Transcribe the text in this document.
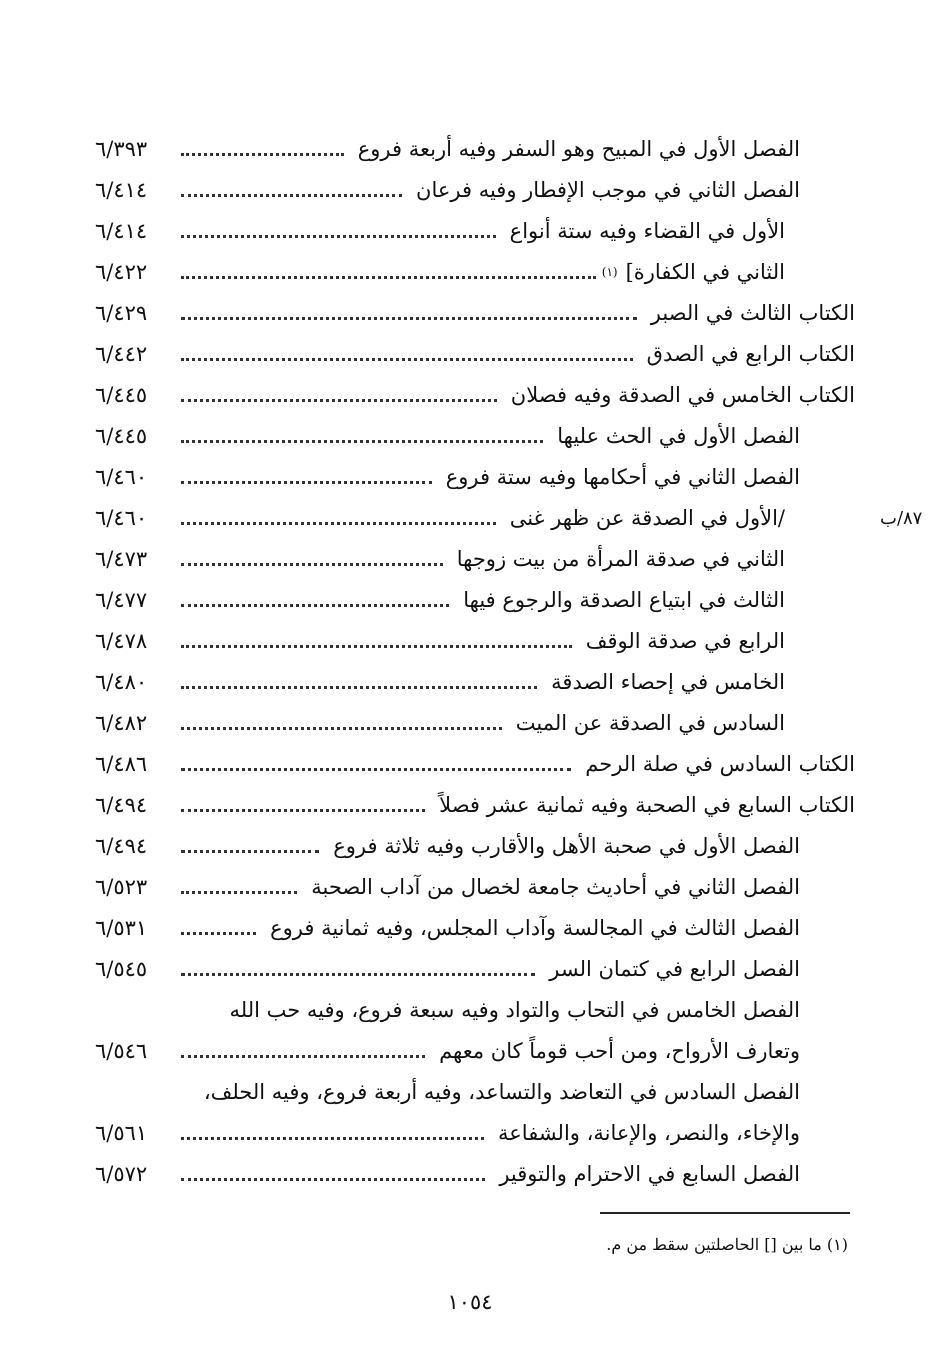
الفصل الأول في المبيح وهو السفر وفيه أربعة فروع
٦/٣٩٣
الفصل الثاني في موجب الإفطار وفيه فرعان
٦/٤١٤
الأول في القضاء وفيه ستة أنواع
٦/٤١٤
الثاني في الكفارة]
(١)
٦/٤٢٢
الكتاب الثالث في الصبر
٦/٤٢٩
الكتاب الرابع في الصدق
٦/٤٤٢
الكتاب الخامس في الصدقة وفيه فصلان
٦/٤٤٥
الفصل الأول في الحث عليها
٦/٤٤٥
الفصل الثاني في أحكامها وفيه ستة فروع
٦/٤٦٠
/الأول في الصدقة عن ظهر غنى
٦/٤٦٠
الثاني في صدقة المرأة من بيت زوجها
٦/٤٧٣
الثالث في ابتياع الصدقة والرجوع فيها
٦/٤٧٧
الرابع في صدقة الوقف
٦/٤٧٨
الخامس في إحصاء الصدقة
٦/٤٨٠
السادس في الصدقة عن الميت
٦/٤٨٢
الكتاب السادس في صلة الرحم
٦/٤٨٦
الكتاب السابع في الصحبة وفيه ثمانية عشر فصلاً
٦/٤٩٤
الفصل الأول في صحبة الأهل والأقارب وفيه ثلاثة فروع
٦/٤٩٤
الفصل الثاني في أحاديث جامعة لخصال من آداب الصحبة
٦/٥٢٣
الفصل الثالث في المجالسة وآداب المجلس، وفيه ثمانية فروع
٦/٥٣١
الفصل الرابع في كتمان السر
٦/٥٤٥
الفصل الخامس في التحاب والتواد وفيه سبعة فروع، وفيه حب الله
وتعارف الأرواح، ومن أحب قوماً كان معهم
٦/٥٤٦
الفصل السادس في التعاضد والتساعد، وفيه أربعة فروع، وفيه الحلف،
والإخاء، والنصر، والإعانة، والشفاعة
٦/٥٦١
الفصل السابع في الاحترام والتوقير
٦/٥٧٢
٨٧/ب
(١) ما بين [] الحاصلتين سقط من م.
١٠٥٤
